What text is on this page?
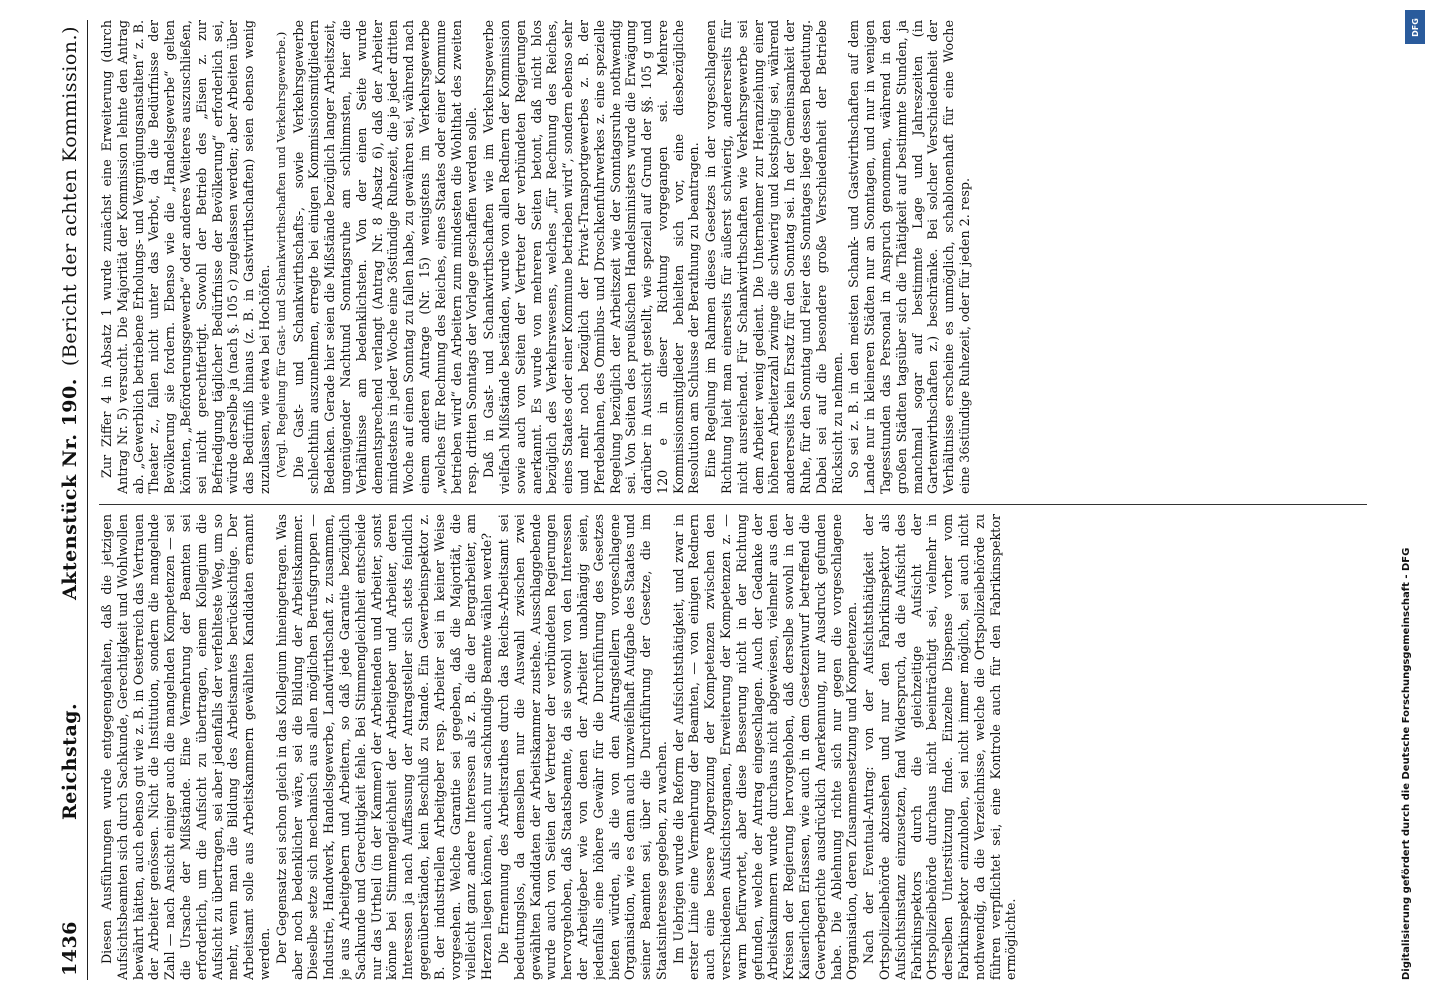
1436
Reichstag.
Aktenstück Nr. 190.
(Bericht der achten Kommission.)

Diesen Ausführungen wurde entgegengehalten, daß die jetzigen Aufsichtsbeamten sich durch Sachkunde, Gerechtigkeit und Wohlwollen bewährt hätten, auch ebenso gut wie z. B. in Oesterreich das Vertrauen der Arbeiter genössen. Nicht die Institution, sondern die mangelnde Zahl — nach Ansicht einiger auch die mangelnden Kompetenzen — sei die Ursache der Mißstände. Eine Vermehrung der Beamten sei erforderlich, um die Aufsicht zu übertragen, einem Kollegium die Aufsicht zu übertragen, sei aber jedenfalls der verfehlteste Weg, um so mehr, wenn man die Bildung des Arbeitsamtes berücksichtige. Der Arbeitsamt solle aus Arbeitskammern gewählten Kandidaten ernannt werden. Der Gegensatz sei schon gleich in das Kollegium hineingetragen. Was aber noch bedenklicher wäre, sei die Bildung der Arbeitskammer. Dieselbe setze sich mechanisch aus allen möglichen Berufsgruppen — Industrie, Handwerk, Handelsgewerbe, Landwirthschaft z. zusammen, je aus Arbeitgebern und Arbeitern, so daß jede Garantie bezüglich Sachkunde und Gerechtigkeit fehle. Bei Stimmengleichheit entscheide nur das Urtheil (in der Kammer) der Arbeitenden und Arbeiter, sonst könne bei Stimmengleichheit der Arbeitgeber und Arbeiter, deren Interessen ja nach Auffassung der Antragsteller sich stets feindlich gegenüberständen, kein Beschluß zu Stande. Ein Gewerbeinspektor z. B. der industriellen Arbeitgeber resp. Arbeiter sei in keiner Weise vorgesehen. Welche Garantie sei gegeben, daß die Majorität, die vielleicht ganz andere Interessen als z. B. die der Bergarbeiter, am Herzen liegen können, auch nur sachkundige Beamte wählen werde? Die Ernennung des Arbeitsrathes durch das Reichs-Arbeitsamt sei bedeutungslos, da demselben nur die Auswahl zwischen zwei gewählten Kandidaten der Arbeitskammer zustehe. Ausschlaggebende wurde auch von Seiten der Vertreter der verbündeten Regierungen hervorgehoben, daß Staatsbeamte, da sie sowohl von den Interessen der Arbeitgeber wie von denen der Arbeiter unabhängig seien, jedenfalls eine höhere Gewähr für die Durchführung des Gesetzes bieten würden, als die von den Antragstellern vorgeschlagene Organisation, wie es denn auch unzweifelhaft Aufgabe des Staates und seiner Beamten sei, über die Durchführung der Gesetze, die im Staatsinteresse gegeben, zu wachen. Im Uebrigen wurde die Reform der Aufsichtsthätigkeit, und zwar in erster Linie eine Vermehrung der Beamten, — von einigen Rednern auch eine bessere Abgrenzung der Kompetenzen zwischen den verschiedenen Aufsichtsorganen, Erweiterung der Kompetenzen z. — warm befürwortet, aber diese Besserung nicht in der Richtung gefunden, welche der Antrag eingeschlagen. Auch der Gedanke der Arbeitskammern wurde durchaus nicht abgewiesen, vielmehr aus den Kreisen der Regierung hervorgehoben, daß derselbe sowohl in der Kaiserlichen Erlassen, wie auch in dem Gesetzentwurf betreffend die Gewerbegerichte ausdrücklich Anerkennung, nur Ausdruck gefunden habe. Die Ablehnung richte sich nur gegen die vorgeschlagene Organisation, deren Zusammensetzung und Kompetenzen. Nach der Eventual-Antrag: von der Aufsichtsthätigkeit der Ortspolizeibehörde abzusehen und nur den Fabrikinspektor als Aufsichtsinstanz einzusetzen, fand Widerspruch, da die Aufsicht des Fabrikinspektors durch die gleichzeitige Aufsicht der Ortspolizeibehörde durchaus nicht beeinträchtigt sei, vielmehr in derselben Unterstützung finde. Einzelne Dispense vorher vom Fabrikinspektor einzuholen, sei nicht immer möglich, sei auch nicht nothwendig, da die Verzeichnisse, welche die Ortspolizeibehörde zu führen verpflichtet sei, eine Kontrole auch für den Fabrikinspektor ermöglichte.

Zur Ziffer 4 in Absatz 1 wurde zunächst eine Erweiterung (durch Antrag Nr. 5) versucht. Die Majorität der Kommission lehnte den Antrag ab. „Gewerblich betriebene Erholungs- und Vergnügungsanstalten“ z. B. Theater z., fallen nicht unter das Verbot, da die Bedürfnisse der Bevölkerung sie fordern. Ebenso wie die „Handelsgewerbe“ gelten könnten, „Beförderungsgewerbe“ oder anderes Weiteres auszuschließen, sei nicht gerechtfertigt. Sowohl der Betrieb des „Eisen z. zur Befriedigung täglicher Bedürfnisse der Bevölkerung“ erforderlich sei, würde derselbe ja (nach §. 105 c) zugelassen werden; aber Arbeiten über das Bedürfniß hinaus (z. B. in Gastwirthschaften) seien ebenso wenig zuzulassen, wie etwa bei Hochöfen. (Vergl. Regelung für Gast- und Schankwirthschaften und Verkehrsgewerbe.) Die Gast- und Schankwirthschafts-, sowie Verkehrsgewerbe schlechthin auszunehmen, erregte bei einigen Kommissionsmitgliedern Bedenken. Gerade hier seien die Mißstände bezüglich langer Arbeitszeit, ungenügender Nachtund Sonntagsruhe am schlimmsten, hier die Verhältnisse am bedenklichsten. Von der einen Seite wurde dementsprechend verlangt (Antrag Nr. 8 Absatz 6), daß der Arbeiter mindestens in jeder Woche eine 36stündige Ruhezeit, die je jeder dritten Woche auf einen Sonntag zu fallen habe, zu gewähren sei, während nach einem anderen Antrage (Nr. 15) wenigstens im Verkehrsgewerbe „welches für Rechnung des Reiches, eines Staates oder einer Kommune betrieben wird“ den Arbeitern zum mindesten die Wohlthat des zweiten resp. dritten Sonntags der Vorlage geschaffen werden solle. Daß in Gast- und Schankwirthschaften wie im Verkehrsgewerbe vielfach Mißstände beständen, wurde von allen Rednern der Kommission sowie auch von Seiten der Vertreter der verbündeten Regierungen anerkannt. Es wurde von mehreren Seiten betont, daß nicht blos bezüglich des Verkehrswesens, welches „für Rechnung des Reiches, eines Staates oder einer Kommune betrieben wird“, sondern ebenso sehr und mehr noch bezüglich der Privat-Transportgewerbes z. B. der Pferdebahnen, des Omnibus- und Droschkenfuhrwerkes z. eine spezielle Regelung bezüglich der Arbeitszeit wie der Sonntagsruhe nothwendig sei. Von Seiten des preußischen Handelsministers wurde die Erwägung darüber in Aussicht gestellt, wie speziell auf Grund der §§. 105 g und 120 e in dieser Richtung vorgegangen sei. Mehrere Kommissionsmitglieder behielten sich vor, eine diesbezügliche Resolution am Schlusse der Berathung zu beantragen. Eine Regelung im Rahmen dieses Gesetzes in der vorgeschlagenen Richtung hielt man einerseits für äußerst schwierig, andererseits für nicht ausreichend. Für Schankwirthschaften wie Verkehrsgewerbe sei dem Arbeiter wenig gedient. Die Unternehmer zur Heranziehung einer höheren Arbeiterzahl zwinge die schwierig und kostspielig sei, während andererseits kein Ersatz für den Sonntag sei. In der Gemeinsamkeit der Ruhe, für den Sonntag und Feier des Sonntages liege dessen Bedeutung. Dabei sei auf die besondere große Verschiedenheit der Betriebe Rücksicht zu nehmen. So sei z. B. in den meisten Schank- und Gastwirthschaften auf dem Lande nur in kleineren Städten nur an Sonntagen, und nur in wenigen Tagesstunden das Personal in Anspruch genommen, während in den großen Städten tagsüber sich die Thätigkeit auf bestimmte Stunden, ja manchmal sogar auf bestimmte Lage und Jahreszeiten (in Gartenwirthschaften z.) beschränke. Bei solcher Verschiedenheit der Verhältnisse erscheine es unmöglich, schablonenhaft für eine Woche eine 36stündige Ruhezeit, oder für jeden 2. resp.

Digitalisierung gefördert durch die Deutsche Forschungsgemeinschaft - DFG
DFG
